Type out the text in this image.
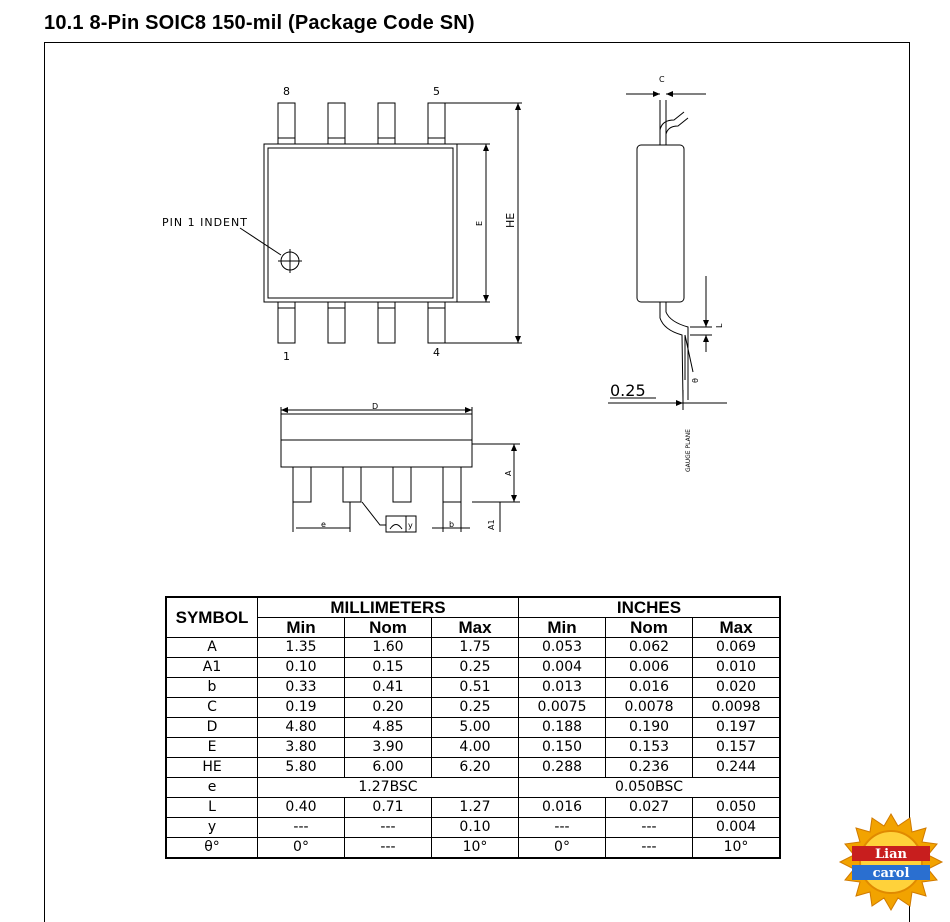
10.1 8-Pin SOIC8 150-mil (Package Code SN)
8	5
1	4
PIN 1 INDENT	E HE
C
L
θ
0.25
GAUGE PLANE
D
A
e	b	A1
y
SYMBOL	MILLIMETERS			INCHES		
	Min	Nom	Max	Min	Nom	Max
A	1.35	1.60	1.75	0.053	0.062	0.069
A1	0.10	0.15	0.25	0.004	0.006	0.010
b	0.33	0.41	0.51	0.013	0.016	0.020
C	0.19	0.20	0.25	0.0075	0.0078	0.0098
D	4.80	4.85	5.00	0.188	0.190	0.197
E	3.80	3.90	4.00	0.150	0.153	0.157
HE	5.80	6.00	6.20	0.288	0.236	0.244
e	1.27BSC			0.050BSC		
L	0.40	0.71	1.27	0.016	0.027	0.050
y	---	---	0.10	---	---	0.004
θ°	0°	---	10°	0°	---	10°	Lian
carol
